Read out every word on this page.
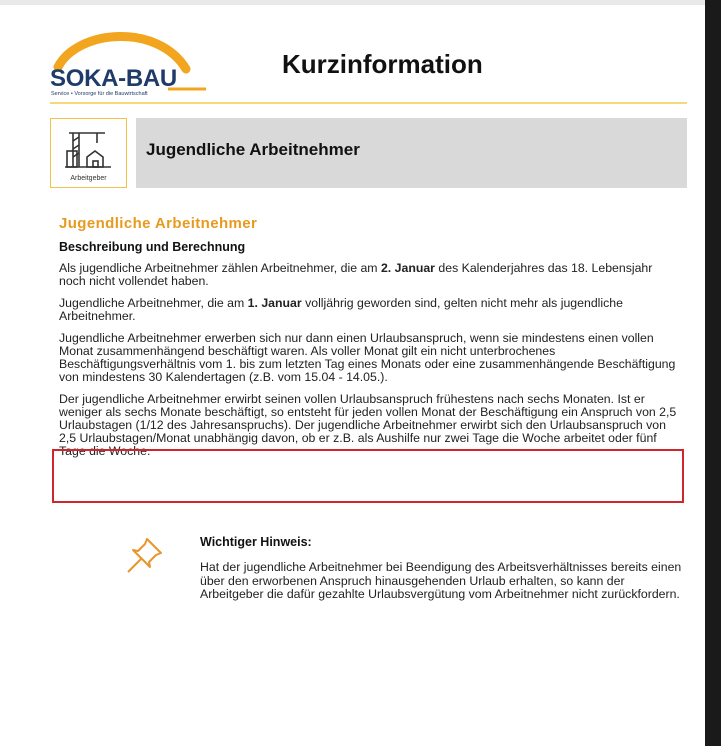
SOKA-BAU
Service • Vorsorge für die Bauwirtschaft
Kurzinformation
Arbeitgeber
Jugendliche Arbeitnehmer
Jugendliche Arbeitnehmer
Beschreibung und Berechnung

Als jugendliche Arbeitnehmer zählen Arbeitnehmer, die am 2. Januar des Kalenderjahres das 18. Lebensjahr noch nicht vollendet haben.

Jugendliche Arbeitnehmer, die am 1. Januar volljährig geworden sind, gelten nicht mehr als jugendliche Arbeitnehmer.

Jugendliche Arbeitnehmer erwerben sich nur dann einen Urlaubsanspruch, wenn sie mindestens einen vollen Monat zusammenhängend beschäftigt waren. Als voller Monat gilt ein nicht unterbrochenes Beschäftigungsverhältnis vom 1. bis zum letzten Tag eines Monats oder eine zusammenhängende Beschäftigung von mindestens 30 Kalendertagen (z.B. vom 15.04 - 14.05.).

Der jugendliche Arbeitnehmer erwirbt seinen vollen Urlaubsanspruch frühestens nach sechs Monaten. Ist er weniger als sechs Monate beschäftigt, so entsteht für jeden vollen Monat der Beschäftigung ein Anspruch von 2,5 Urlaubstagen (1/12 des Jahresanspruchs). Der jugendliche Arbeitnehmer erwirbt sich den Urlaubsanspruch von 2,5 Urlaubstagen/Monat unabhängig davon, ob er z.B. als Aushilfe nur zwei Tage die Woche arbeitet oder fünf Tage die Woche.

Wichtiger Hinweis:
Hat der jugendliche Arbeitnehmer bei Beendigung des Arbeitsverhältnisses bereits einen über den erworbenen Anspruch hinausgehenden Urlaub erhalten, so kann der Arbeitgeber die dafür gezahlte Urlaubsvergütung vom Arbeitnehmer nicht zurückfordern.
